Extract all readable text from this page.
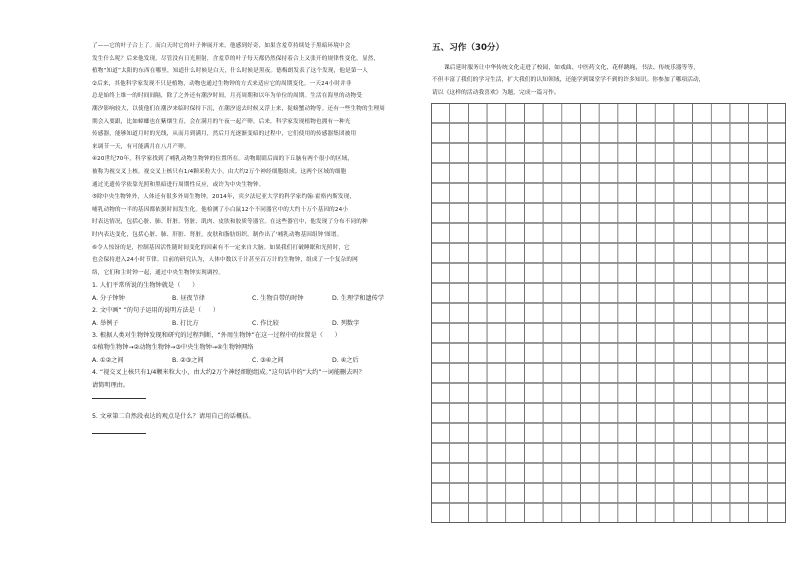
了——它的叶子合上了。而白天时它的叶子伸展开来。他感到好奇，如果含羞草持续处于黑暗环境中会

发生什么呢？后来他发现，尽管没有日光照射，含羞草的叶子每天都仍然保持着合上又张开的规律性变化。显然，

植物“知道”太阳的东西在哪里，知道什么时候是白天，什么时候是黑夜。德梅朗发表了这个发现，他是第一人

②后来，其他科学家发现不只是植物，动物也通过生物钟的方式来适应它的周期变化。一天24小时并非

总是始终上维一的时间间隔，除了之外还有潮汐时间，月亮周期和以年为单位的周期。生活在海里的动物受

潮汐影响较大，以使他们在潮汐来临时保持下沉，在潮汐退去时候又浮上来，捉螃蟹动物等。还有一些生物的生理周

期会入要跟，比如蟑螂也在紫烟生育，会在满月的午夜一起产卵。后来，科学家发现植物也拥有一种光

传感器，能够知道月时的光线，从而月到满月，然后月光逐渐变暗的过程中，它们使用的传感器集团被用

来调节一天，有可能满月在八月产卵。

④20世纪70年，科学家找到了哺乳动物生物钟的位置所在。动物眼睛后面的下丘脑有两个很小的区域，

被称为视交叉上核。视交叉上核只有1/4颗米粒大小，由大约2万个神经细胞组成。这两个区域的细胞

通过光遗传学依靠光照和黑暗进行周期性反应，或许为中央生物钟。

⑤除中央生物钟外，人体还有很多外周生物钟。2014年，宾夕法尼亚大学的科学家约翰·霍格内斯发现，

哺乳动物的一半的基因都依据时间发生化。他检测了小白鼠12个不同器官中的大约十万个基因的24小

时表达情况，包括心脏、肺、肝脏、肾脏、肌肉、皮肤和胶质等器官。在这些器官中，他发现了分布不同的种

时内表达变化，包括心脏、肺、肝脏、肾脏，皮肤和脂肪组织。制作出了'哺乳动物基因组钟'图谱。

⑥令人惊讶的是，控制基因活性随时间变化的因素有不一定来自大脑。如果我们打破睡眠和光照时，它

也会保持进入24小时节律。目前的研究认为，人体中数以千计甚至百万计的生物钟，组成了一个复杂的网

络，它们和主时钟一起，通过中央生物钟实现调控。

1. 人们平常所说的生物钟就是（      ）

A. 分子钟钟	B. 昼夜节律	C. 生物自带的时钟	D. 生理学和遗传学

2. 文中画“ ”的句子运用的说明方法是（      ）

A. 举例子	B. 打比方	C. 作比较	D. 列数字

3. 根据人类对生物钟发现和研究的过程判断，“外周生物钟”在这一过程中的位置是（      ）

①植物生物钟→②动物生物钟→③中央生物钟→④生物钟网络

A. ①②之间	B. ②③之间	C. ③④之间	D. ④之后

4. “视交叉上核只有1/4颗米粒大小，由大约2万个神经细胞组成。”这句话中的“大约”一词能删去吗？

请简明理由。

5. 文章第二自然段表达的观点是什么？请用自己的话概括。

五、习作（30分）

课后延时服务让中华传统文化走进了校园，如戏曲、中医药文化、花样跳绳、书法、传统乐器等等，

不但丰富了我们的学习生活，扩大我们的认知领域，还能学到课堂学不到的许多知识。你参加了哪项活动，

请以《这样的活动我喜欢》为题，完成一篇习作。
